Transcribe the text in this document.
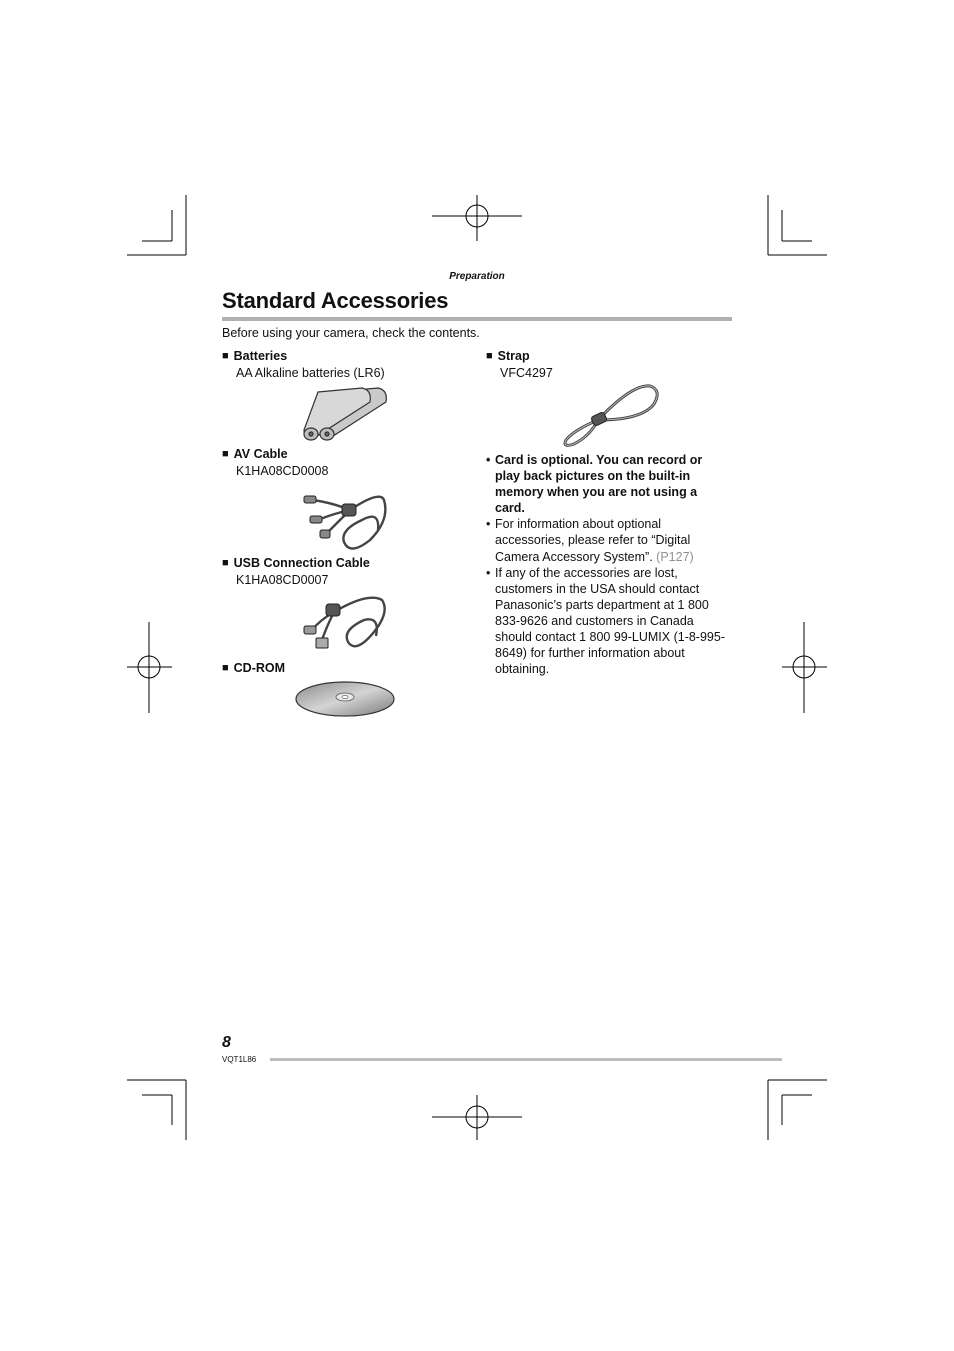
Preparation
Standard Accessories
Before using your camera, check the contents.
■ Batteries
AA Alkaline batteries (LR6)
■ AV Cable
K1HA08CD0008
■ USB Connection Cable
K1HA08CD0007
■ CD-ROM
■ Strap
VFC4297
• Card is optional. You can record or play back pictures on the built-in memory when you are not using a card.
• For information about optional accessories, please refer to “Digital Camera Accessory System”. (P127)
• If any of the accessories are lost, customers in the USA should contact Panasonic’s parts department at 1 800 833-9626 and customers in Canada should contact 1 800 99-LUMIX (1-8-995-8649) for further information about obtaining.
8
VQT1L86
